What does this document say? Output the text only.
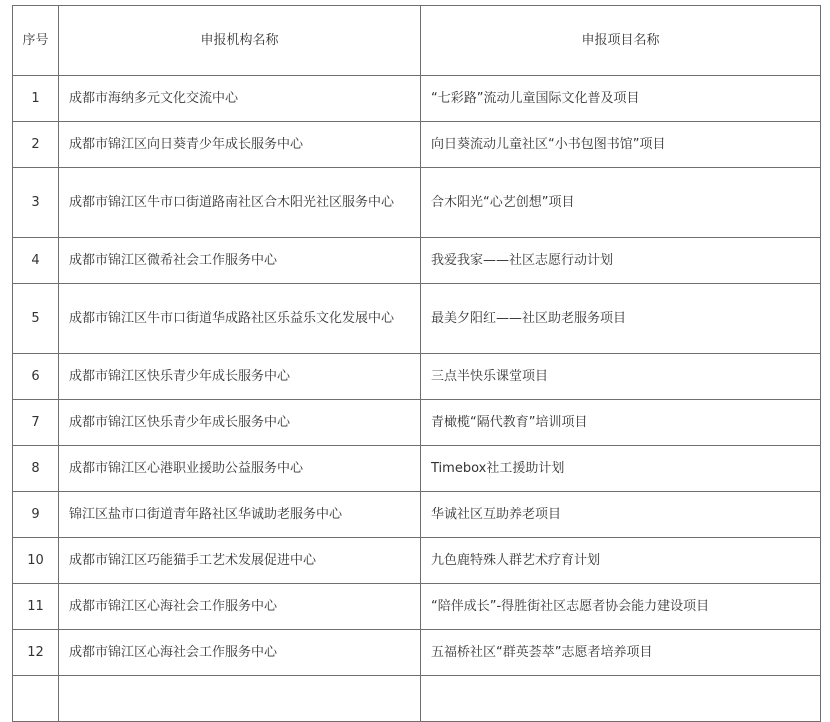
序号	申报机构名称	申报项目名称
1	成都市海纳多元文化交流中心	“七彩路”流动儿童国际文化普及项目
2	成都市锦江区向日葵青少年成长服务中心	向日葵流动儿童社区“小书包图书馆”项目
3	成都市锦江区牛市口街道路南社区合木阳光社区服务中心	合木阳光“心艺创想”项目
4	成都市锦江区微希社会工作服务中心	我爱我家——社区志愿行动计划
5	成都市锦江区牛市口街道华成路社区乐益乐文化发展中心	最美夕阳红——社区助老服务项目
6	成都市锦江区快乐青少年成长服务中心	三点半快乐课堂项目
7	成都市锦江区快乐青少年成长服务中心	青橄榄“隔代教育”培训项目
8	成都市锦江区心港职业援助公益服务中心	Timebox社工援助计划
9	锦江区盐市口街道青年路社区华诚助老服务中心	华诚社区互助养老项目
10	成都市锦江区巧能猫手工艺术发展促进中心	九色鹿特殊人群艺术疗育计划
11	成都市锦江区心海社会工作服务中心	“陪伴成长”-得胜街社区志愿者协会能力建设项目
12	成都市锦江区心海社会工作服务中心	五福桥社区“群英荟萃”志愿者培养项目
